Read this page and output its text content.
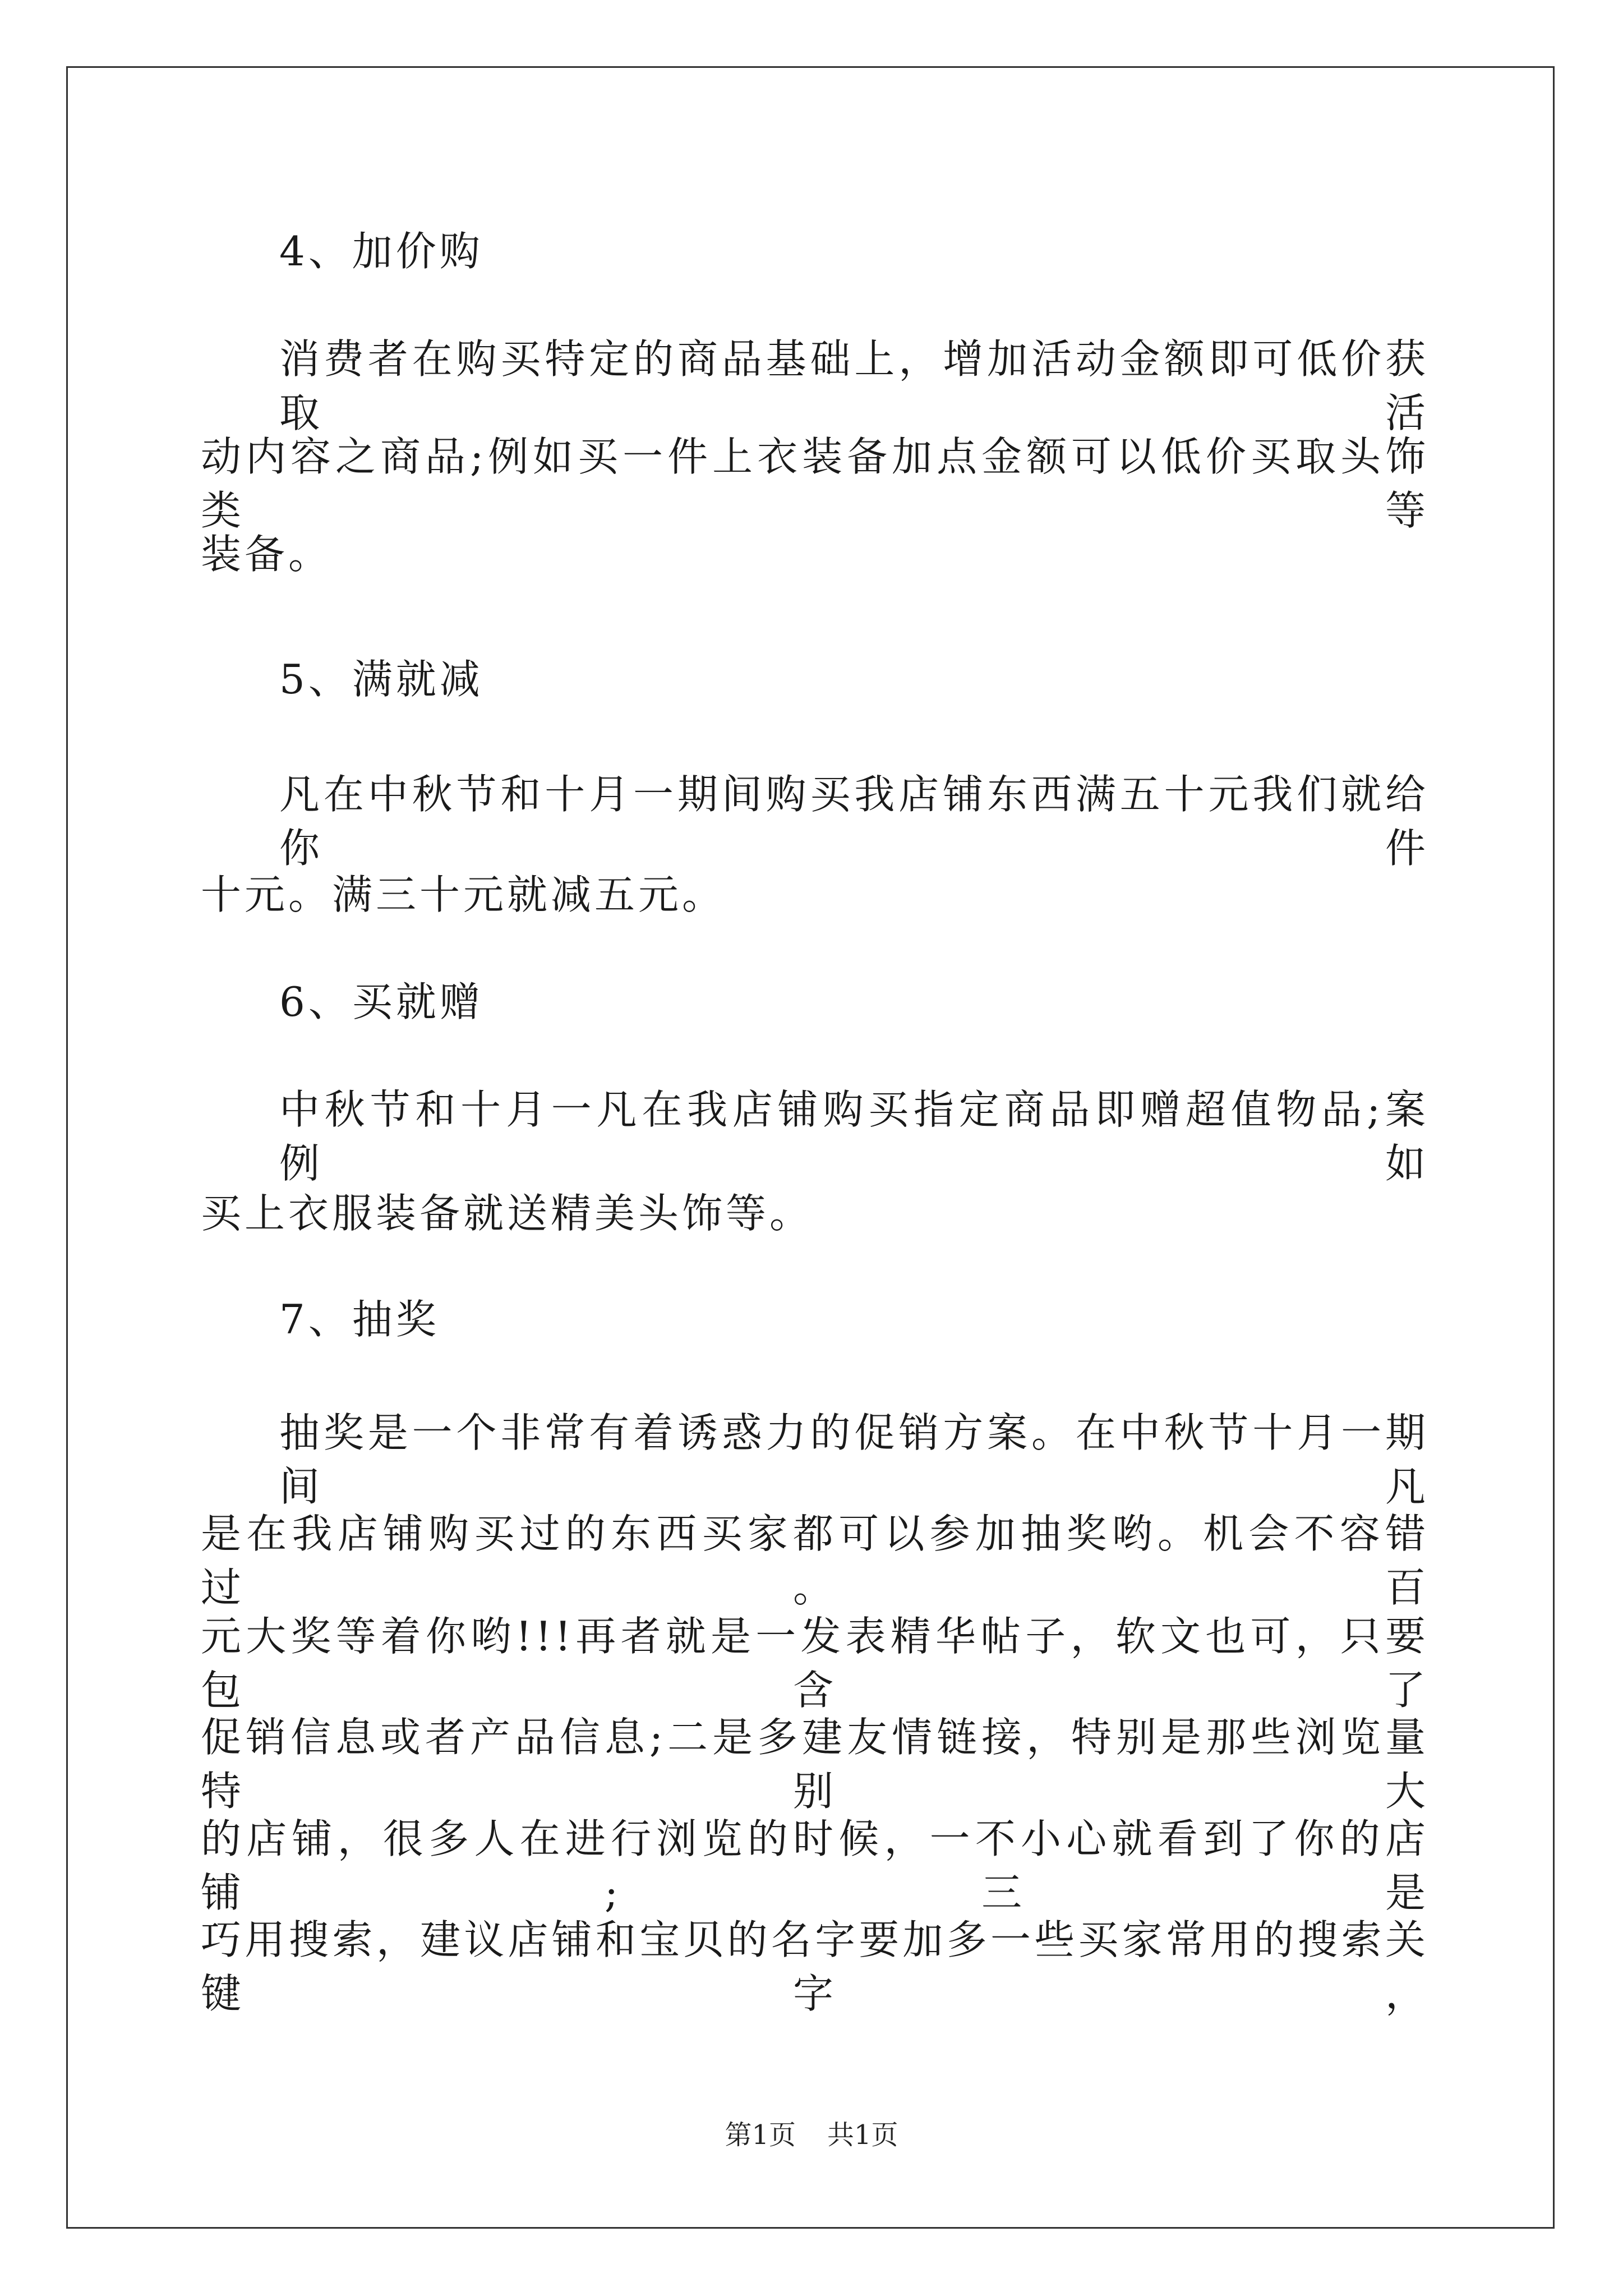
4、加价购
消费者在购买特定的商品基础上，增加活动金额即可低价获取活
动内容之商品;例如买一件上衣装备加点金额可以低价买取头饰类等
装备。
5、满就减
凡在中秋节和十月一期间购买我店铺东西满五十元我们就给你件
十元。满三十元就减五元。
6、买就赠
中秋节和十月一凡在我店铺购买指定商品即赠超值物品;案例如
买上衣服装备就送精美头饰等。
7、抽奖
抽奖是一个非常有着诱惑力的促销方案。在中秋节十月一期间凡
是在我店铺购买过的东西买家都可以参加抽奖哟。机会不容错过。百
元大奖等着你哟!!!再者就是一发表精华帖子，软文也可，只要包含了
促销信息或者产品信息;二是多建友情链接，特别是那些浏览量特别大
的店铺，很多人在进行浏览的时候，一不小心就看到了你的店铺;三是
巧用搜索，建议店铺和宝贝的名字要加多一些买家常用的搜索关键字，
第1页 共1页
